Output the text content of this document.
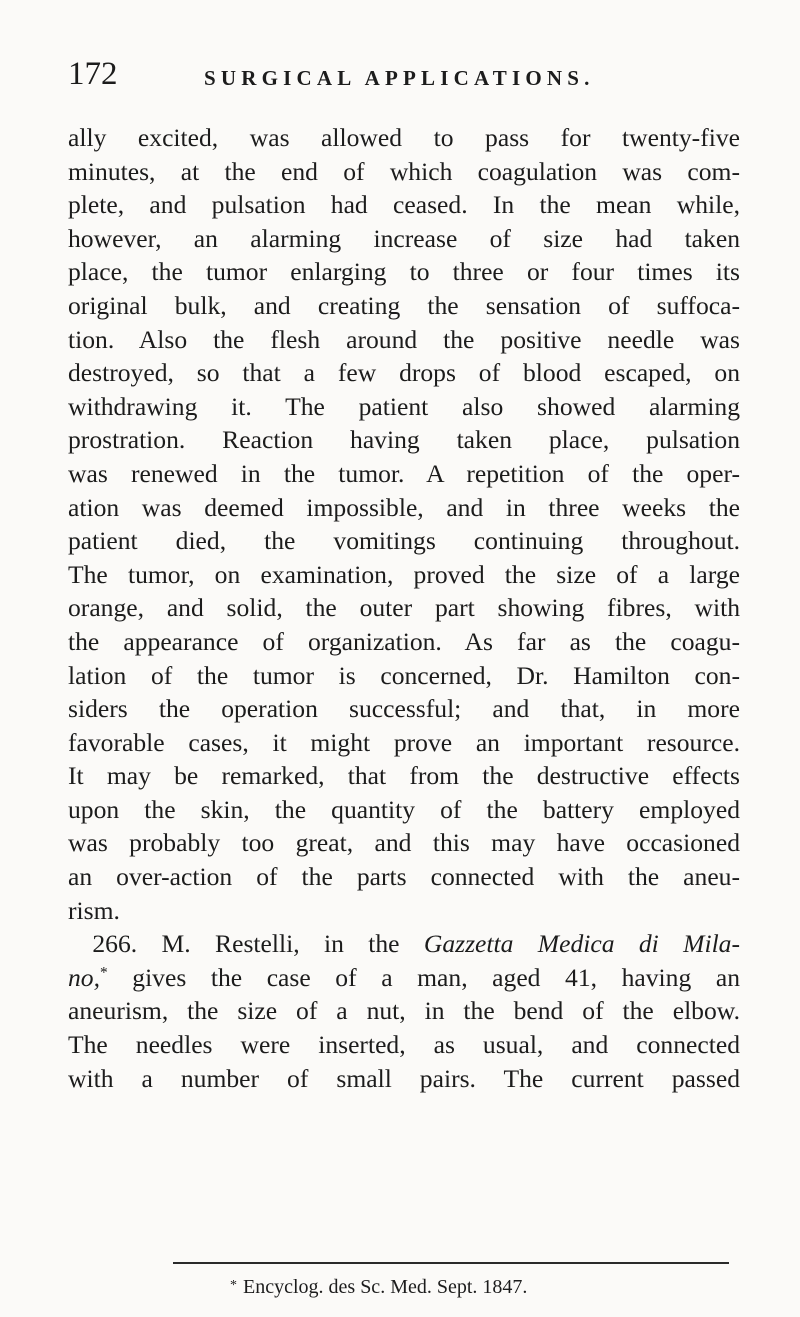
172	SURGICAL APPLICATIONS.
ally excited, was allowed to pass for twenty-five
minutes, at the end of which coagulation was com-
plete, and pulsation had ceased. In the mean while,
however, an alarming increase of size had taken
place, the tumor enlarging to three or four times its
original bulk, and creating the sensation of suffoca-
tion. Also the flesh around the positive needle was
destroyed, so that a few drops of blood escaped, on
withdrawing it. The patient also showed alarming
prostration. Reaction having taken place, pulsation
was renewed in the tumor. A repetition of the oper-
ation was deemed impossible, and in three weeks the
patient died, the vomitings continuing throughout.
The tumor, on examination, proved the size of a large
orange, and solid, the outer part showing fibres, with
the appearance of organization. As far as the coagu-
lation of the tumor is concerned, Dr. Hamilton con-
siders the operation successful; and that, in more
favorable cases, it might prove an important resource.
It may be remarked, that from the destructive effects
upon the skin, the quantity of the battery employed
was probably too great, and this may have occasioned
an over-action of the parts connected with the aneu-
rism.
266. M. Restelli, in the Gazzetta Medica di Mila-
no,* gives the case of a man, aged 41, having an
aneurism, the size of a nut, in the bend of the elbow.
The needles were inserted, as usual, and connected
with a number of small pairs. The current passed
* Encyclog. des Sc. Med. Sept. 1847.
